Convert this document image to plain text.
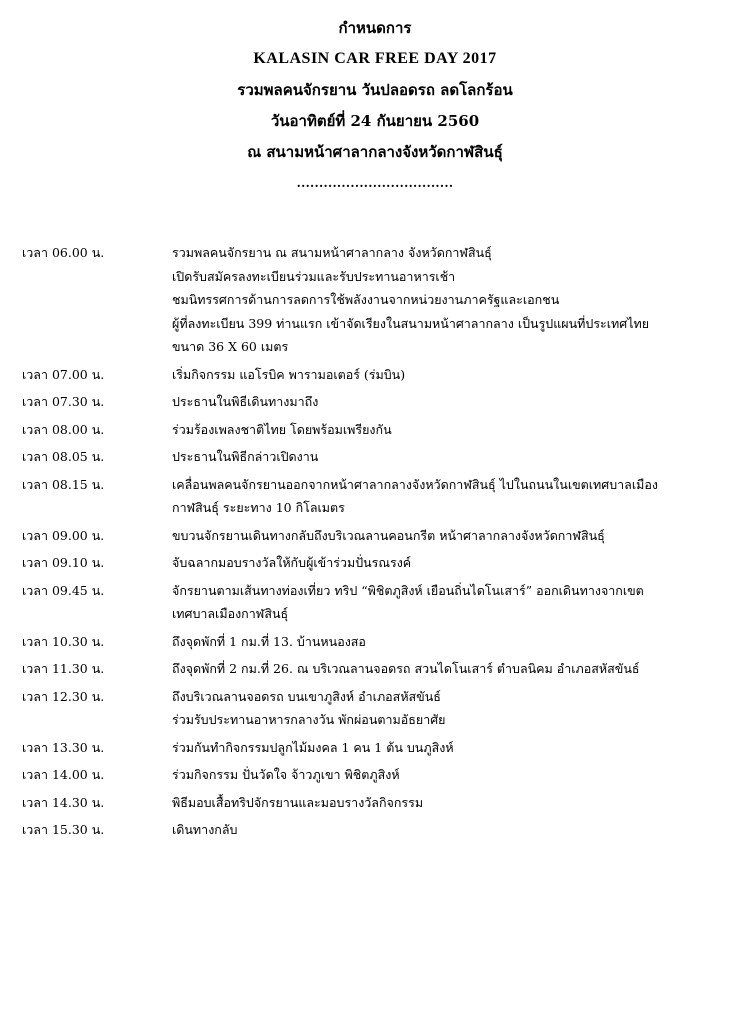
กำหนดการ
KALASIN CAR FREE DAY 2017
รวมพลคนจักรยาน วันปลอดรถ ลดโลกร้อน
วันอาทิตย์ที่ 24 กันยายน 2560
ณ สนามหน้าศาลากลางจังหวัดกาฬสินธุ์
...................................
เวลา 06.00 น.	รวมพลคนจักรยาน ณ สนามหน้าศาลากลาง จังหวัดกาฬสินธุ์
เปิดรับสมัครลงทะเบียนร่วมและรับประทานอาหารเช้า
ชมนิทรรศการด้านการลดการใช้พลังงานจากหน่วยงานภาครัฐและเอกชน
ผู้ที่ลงทะเบียน 399 ท่านแรก เข้าจัดเรียงในสนามหน้าศาลากลาง เป็นรูปแผนที่ประเทศไทย
ขนาด 36 X 60 เมตร
เวลา 07.00 น.	เริ่มกิจกรรม แอโรบิค พารามอเตอร์ (ร่มบิน)
เวลา 07.30 น.	ประธานในพิธีเดินทางมาถึง
เวลา 08.00 น.	ร่วมร้องเพลงชาติไทย โดยพร้อมเพรียงกัน
เวลา 08.05 น.	ประธานในพิธีกล่าวเปิดงาน
เวลา 08.15 น.	เคลื่อนพลคนจักรยานออกจากหน้าศาลากลางจังหวัดกาฬสินธุ์ ไปในถนนในเขตเทศบาลเมือง
กาฬสินธุ์ ระยะทาง 10 กิโลเมตร
เวลา 09.00 น.	ขบวนจักรยานเดินทางกลับถึงบริเวณลานคอนกรีต หน้าศาลากลางจังหวัดกาฬสินธุ์
เวลา 09.10 น.	จับฉลากมอบรางวัลให้กับผู้เข้าร่วมปั่นรณรงค์
เวลา 09.45 น.	จักรยานตามเส้นทางท่องเที่ยว ทริป “พิชิตภูสิงห์ เยือนถิ่นไดโนเสาร์” ออกเดินทางจากเขต
เทศบาลเมืองกาฬสินธุ์
เวลา 10.30 น.	ถึงจุดพักที่ 1 กม.ที่ 13. บ้านหนองสอ
เวลา 11.30 น.	ถึงจุดพักที่ 2 กม.ที่ 26. ณ บริเวณลานจอดรถ สวนไดโนเสาร์ ตำบลนิคม อำเภอสหัสขันธ์
เวลา 12.30 น.	ถึงบริเวณลานจอดรถ บนเขาภูสิงห์ อำเภอสหัสขันธ์
ร่วมรับประทานอาหารกลางวัน พักผ่อนตามอัธยาศัย
เวลา 13.30 น.	ร่วมกันทำกิจกรรมปลูกไม้มงคล 1 คน 1 ต้น บนภูสิงห์
เวลา 14.00 น.	ร่วมกิจกรรม ปั่นวัดใจ จ้าวภูเขา พิชิตภูสิงห์
เวลา 14.30 น.	พิธีมอบเสื้อทริปจักรยานและมอบรางวัลกิจกรรม
เวลา 15.30 น.	เดินทางกลับ
